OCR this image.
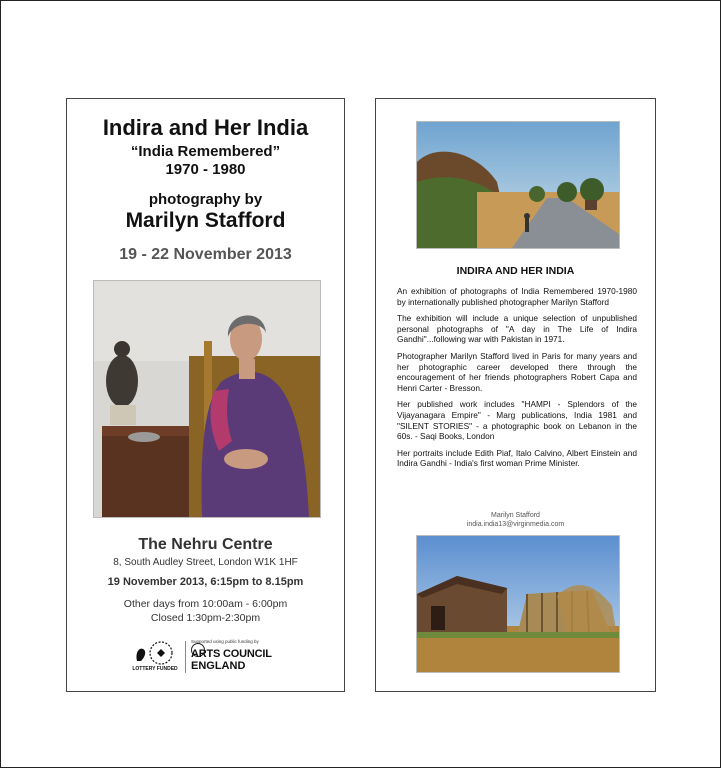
Indira and Her India
“India Remembered”
1970 - 1980
photography by
Marilyn Stafford
19 - 22 November 2013
The Nehru Centre
8, South Audley Street, London W1K 1HF
19 November 2013, 6:15pm to 8.15pm
Other days from 10:00am - 6:00pm
Closed 1:30pm-2:30pm
LOTTERY FUNDED
Supported using public funding by
ARTS COUNCIL
ENGLAND
INDIRA AND HER INDIA

An exhibition of photographs of India Remembered 1970-1980 by internationally published photographer Marilyn Stafford

The exhibition will include a unique selection of unpublished personal photographs of "A day in The Life of Indira Gandhi"...following war with Pakistan in 1971.

Photographer Marilyn Stafford lived in Paris for many years and her photographic career developed there through the encouragement of her friends photographers Robert Capa and Henri Carter - Bresson.

Her published work includes "HAMPI - Splendors of the Vijayanagara Empire" - Marg publications, India 1981 and "SILENT STORIES" - a photographic book on Lebanon in the 60s. - Saqi Books, London

Her portraits include Edith Piaf, Italo Calvino, Albert Einstein and Indira Gandhi - India's first woman Prime Minister.

Marilyn Stafford
india.india13@virginmedia.com
